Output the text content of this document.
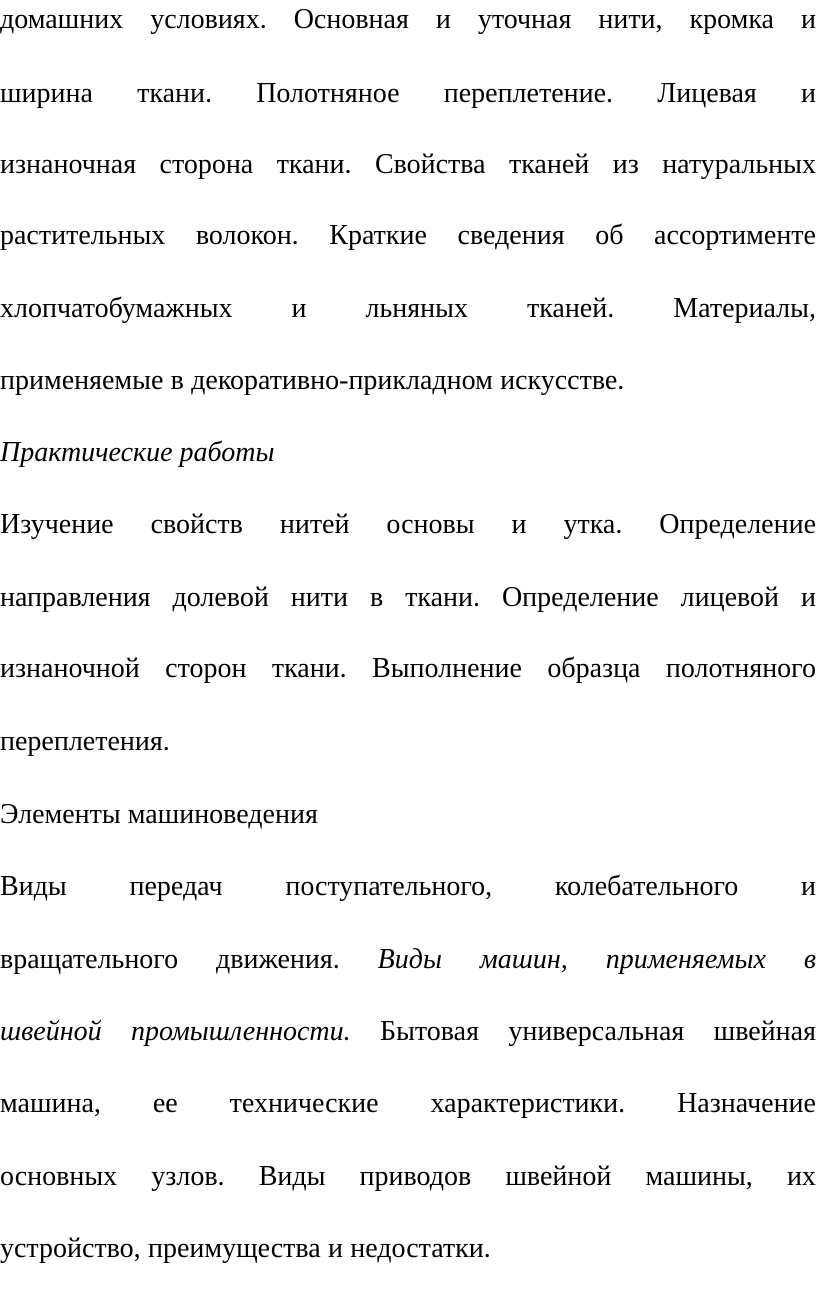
домашних условиях. Основная и уточная нити, кромка и
ширина ткани. Полотняное переплетение. Лицевая и
изнаночная сторона ткани. Свойства тканей из натуральных
растительных волокон. Краткие сведения об ассортименте
хлопчатобумажных и льняных тканей. Материалы,
применяемые в декоративно-прикладном искусстве.
Практические работы
Изучение свойств нитей основы и утка. Определение
направления долевой нити в ткани. Определение лицевой и
изнаночной сторон ткани. Выполнение образца полотняного
переплетения.
Элементы машиноведения
Виды передач поступательного, колебательного и
вращательного движения. Виды машин, применяемых в
швейной промышленности. Бытовая универсальная швейная
машина, ее технические характеристики. Назначение
основных узлов. Виды приводов швейной машины, их
устройство, преимущества и недостатки.
